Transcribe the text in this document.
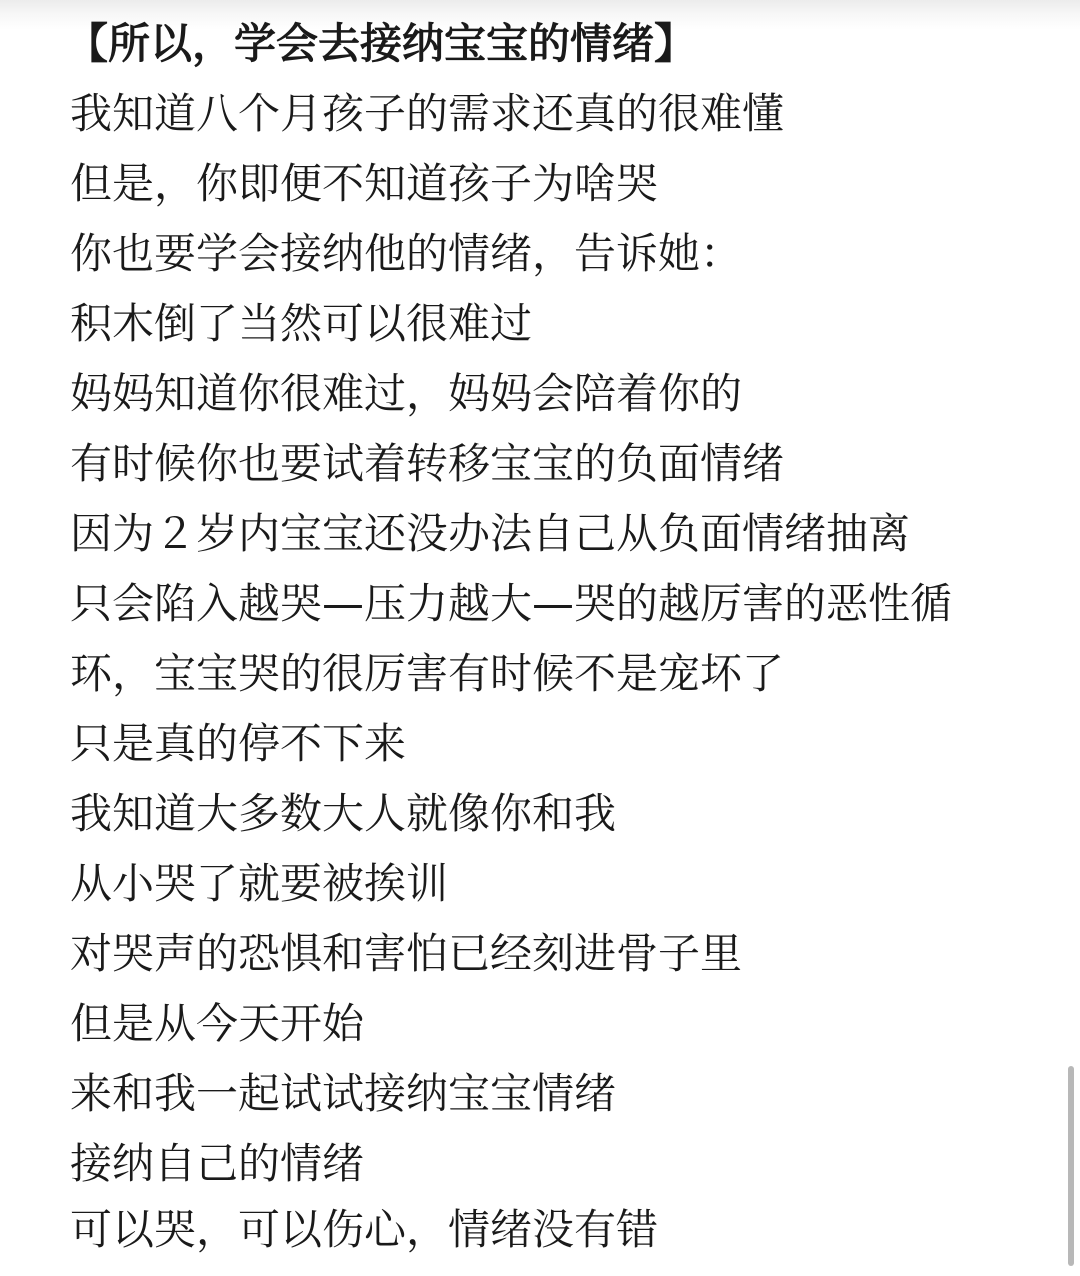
【所以，学会去接纳宝宝的情绪】
我知道八个月孩子的需求还真的很难懂
但是，你即便不知道孩子为啥哭
你也要学会接纳他的情绪，告诉她：
积木倒了当然可以很难过
妈妈知道你很难过，妈妈会陪着你的
有时候你也要试着转移宝宝的负面情绪
因为２岁内宝宝还没办法自己从负面情绪抽离
只会陷入越哭—压力越大—哭的越厉害的恶性循
环，宝宝哭的很厉害有时候不是宠坏了
只是真的停不下来
我知道大多数大人就像你和我
从小哭了就要被挨训
对哭声的恐惧和害怕已经刻进骨子里
但是从今天开始
来和我一起试试接纳宝宝情绪
接纳自己的情绪
可以哭，可以伤心，情绪没有错
